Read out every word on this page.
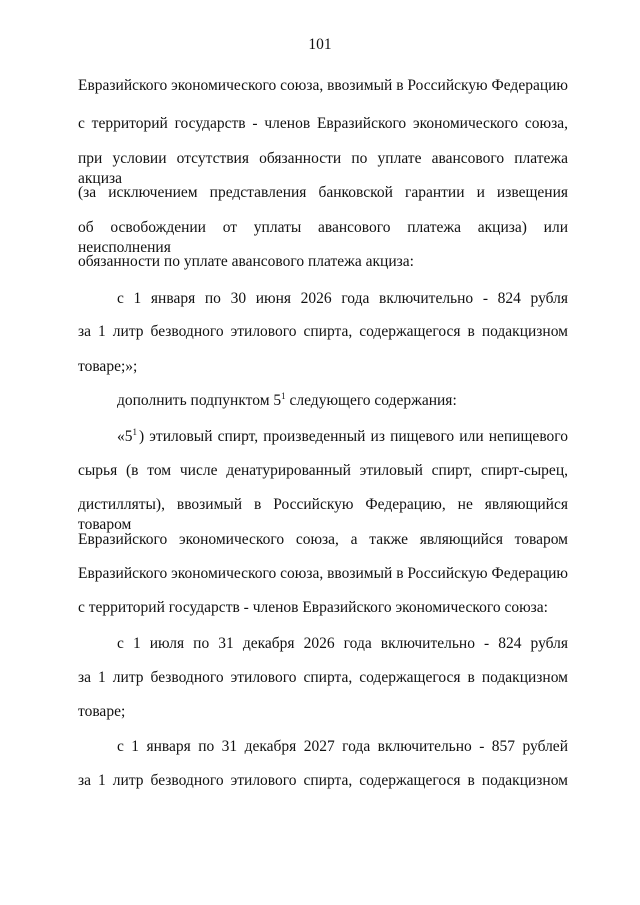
101
Евразийского экономического союза, ввозимый в Российскую Федерацию
с территорий государств - членов Евразийского экономического союза,
при условии отсутствия обязанности по уплате авансового платежа акциза
(за исключением представления банковской гарантии и извещения
об освобождении от уплаты авансового платежа акциза) или неисполнения
обязанности по уплате авансового платежа акциза:
с 1 января по 30 июня 2026 года включительно - 824 рубля
за 1 литр безводного этилового спирта, содержащегося в подакцизном
товаре;»;
дополнить подпунктом $5^1$ следующего содержания:
«$5^1$ ) этиловый спирт, произведенный из пищевого или непищевого
сырья (в том числе денатурированный этиловый спирт, спирт-сырец,
дистилляты), ввозимый в Российскую Федерацию, не являющийся товаром
Евразийского экономического союза, а также являющийся товаром
Евразийского экономического союза, ввозимый в Российскую Федерацию
с территорий государств - членов Евразийского экономического союза:
с 1 июля по 31 декабря 2026 года включительно - 824 рубля
за 1 литр безводного этилового спирта, содержащегося в подакцизном
товаре;
с 1 января по 31 декабря 2027 года включительно - 857 рублей
за 1 литр безводного этилового спирта, содержащегося в подакцизном
